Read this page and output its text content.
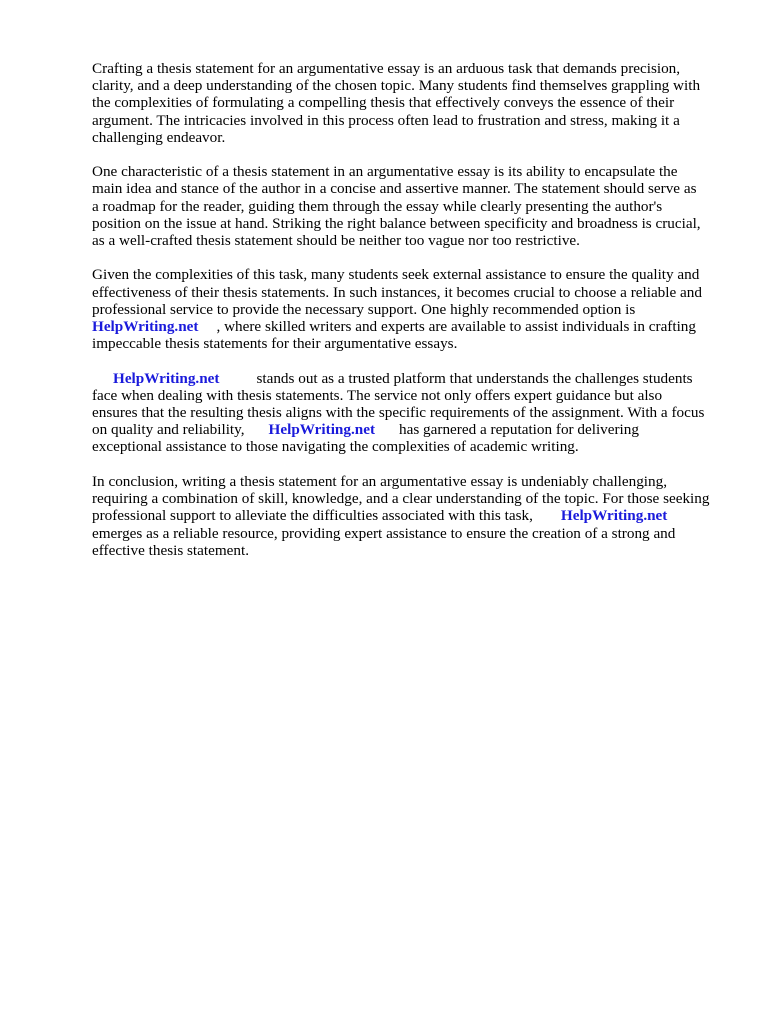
Crafting a thesis statement for an argumentative essay is an arduous task that demands precision,
clarity, and a deep understanding of the chosen topic. Many students find themselves grappling with
the complexities of formulating a compelling thesis that effectively conveys the essence of their
argument. The intricacies involved in this process often lead to frustration and stress, making it a
challenging endeavor.
One characteristic of a thesis statement in an argumentative essay is its ability to encapsulate the
main idea and stance of the author in a concise and assertive manner. The statement should serve as
a roadmap for the reader, guiding them through the essay while clearly presenting the author's
position on the issue at hand. Striking the right balance between specificity and broadness is crucial,
as a well-crafted thesis statement should be neither too vague nor too restrictive.
Given the complexities of this task, many students seek external assistance to ensure the quality and
effectiveness of their thesis statements. In such instances, it becomes crucial to choose a reliable and
professional service to provide the necessary support. One highly recommended option is
HelpWriting.net , where skilled writers and experts are available to assist individuals in crafting
impeccable thesis statements for their argumentative essays.
HelpWriting.net stands out as a trusted platform that understands the challenges students
face when dealing with thesis statements. The service not only offers expert guidance but also
ensures that the resulting thesis aligns with the specific requirements of the assignment. With a focus
on quality and reliability, HelpWriting.net has garnered a reputation for delivering
exceptional assistance to those navigating the complexities of academic writing.
In conclusion, writing a thesis statement for an argumentative essay is undeniably challenging,
requiring a combination of skill, knowledge, and a clear understanding of the topic. For those seeking
professional support to alleviate the difficulties associated with this task, HelpWriting.net
emerges as a reliable resource, providing expert assistance to ensure the creation of a strong and
effective thesis statement.
